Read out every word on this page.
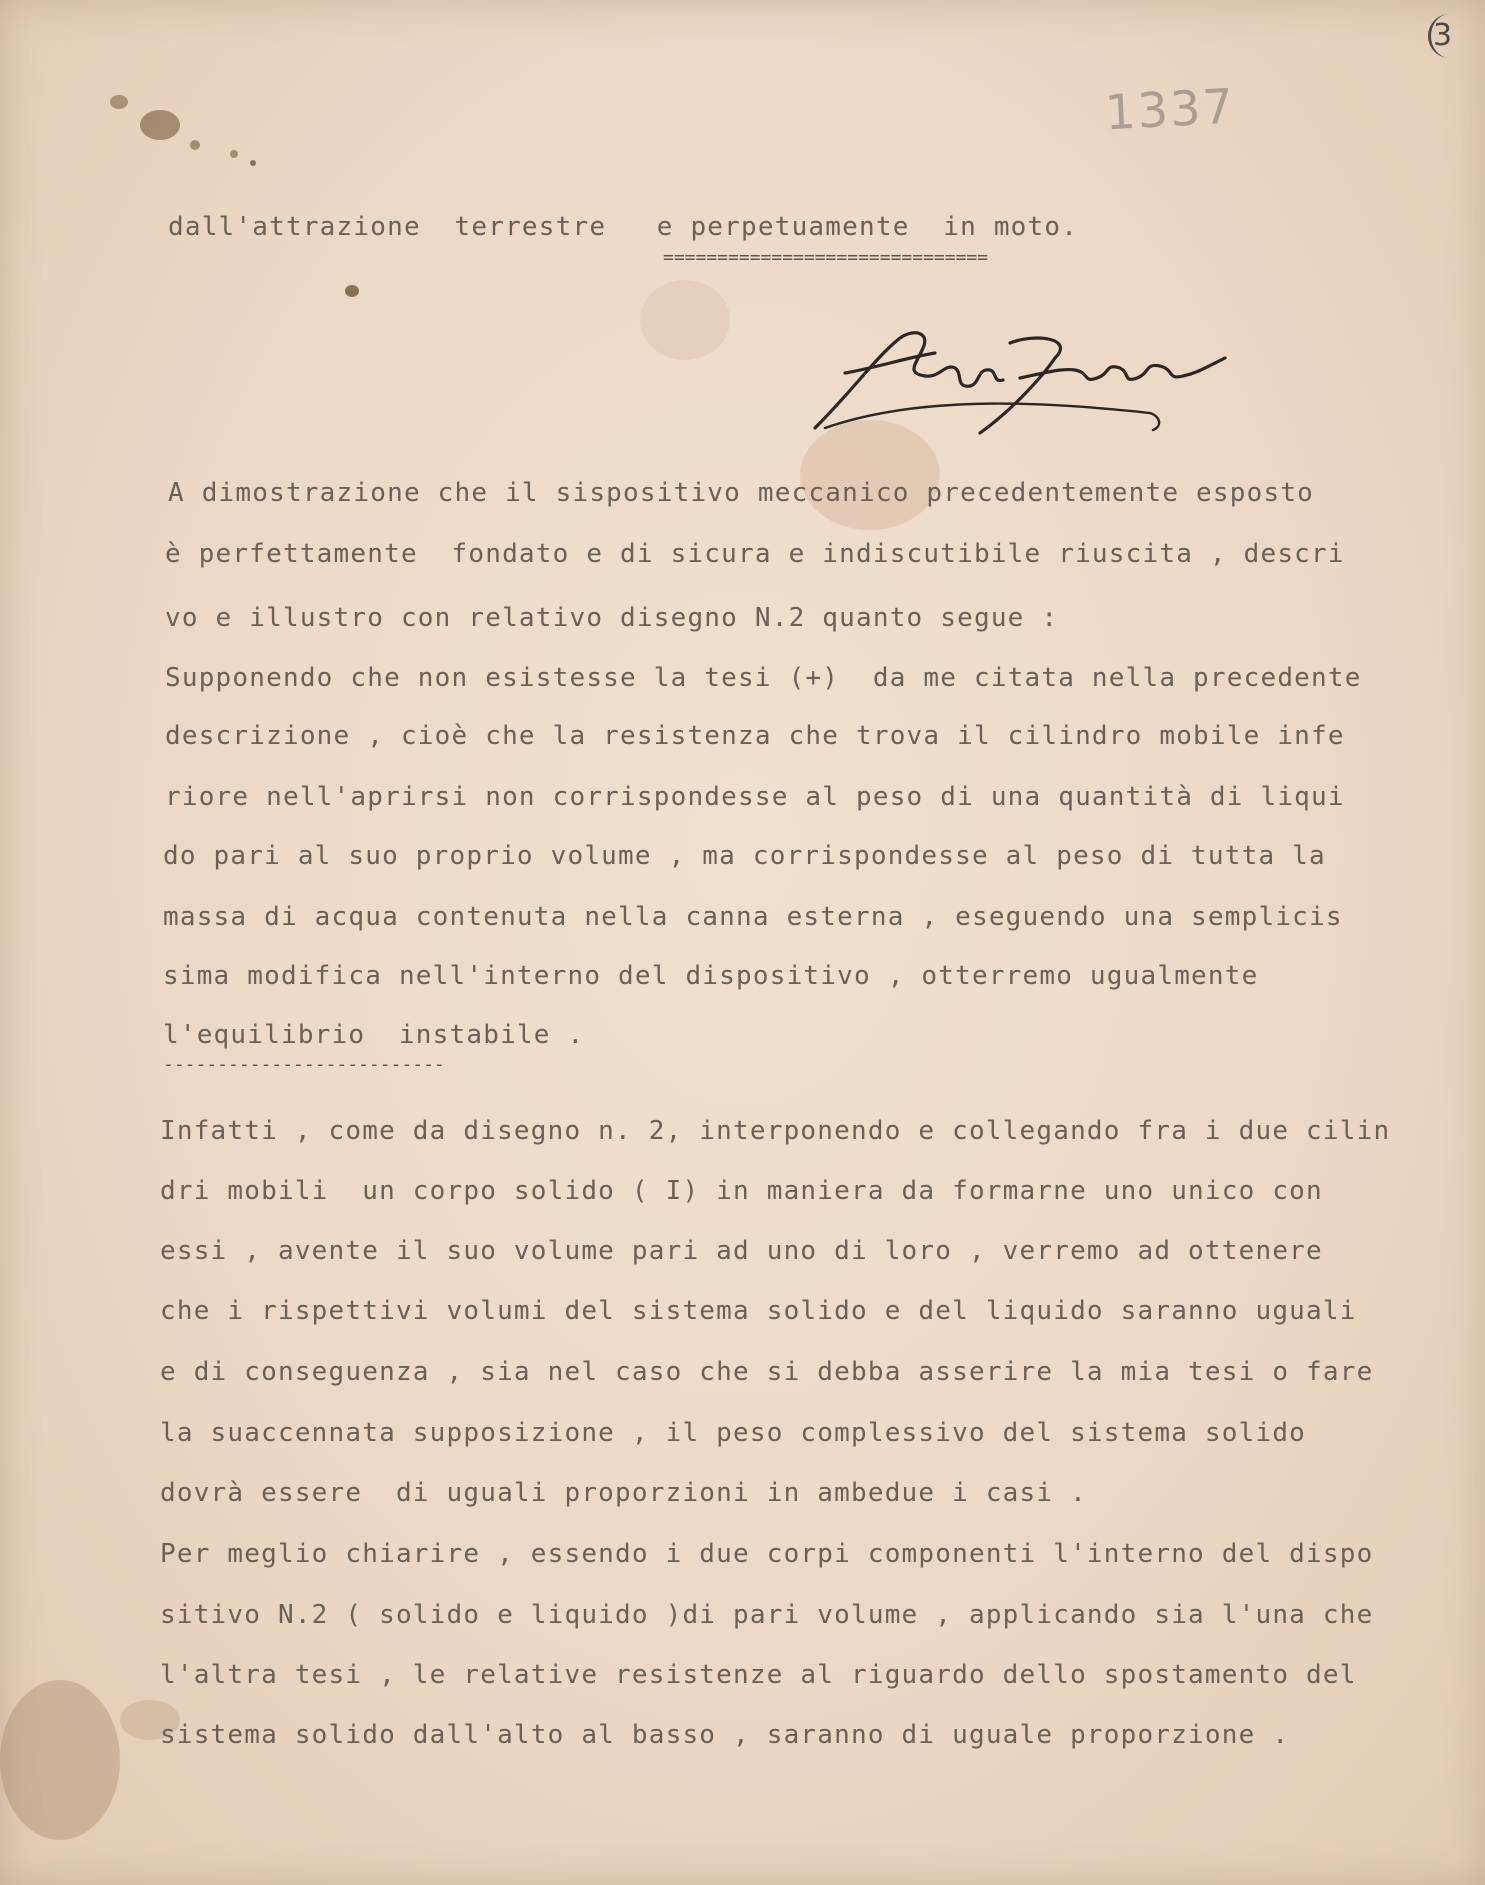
1337
3
dall'attrazione  terrestre   e perpetuamente  in moto.
==============================
A dimostrazione che il sispositivo meccanico precedentemente esposto
è perfettamente  fondato e di sicura e indiscutibile riuscita , descri
vo e illustro con relativo disegno N.2 quanto segue :
Supponendo che non esistesse la tesi (+)  da me citata nella precedente
descrizione , cioè che la resistenza che trova il cilindro mobile infe
riore nell'aprirsi non corrispondesse al peso di una quantità di liqui
do pari al suo proprio volume , ma corrispondesse al peso di tutta la
massa di acqua contenuta nella canna esterna , eseguendo una semplicis
sima modifica nell'interno del dispositivo , otterremo ugualmente
l'equilibrio  instabile .
--------------------------
Infatti , come da disegno n. 2, interponendo e collegando fra i due cilin
dri mobili  un corpo solido ( I) in maniera da formarne uno unico con
essi , avente il suo volume pari ad uno di loro , verremo ad ottenere
che i rispettivi volumi del sistema solido e del liquido saranno uguali
e di conseguenza , sia nel caso che si debba asserire la mia tesi o fare
la suaccennata supposizione , il peso complessivo del sistema solido
dovrà essere  di uguali proporzioni in ambedue i casi .
Per meglio chiarire , essendo i due corpi componenti l'interno del dispo
sitivo N.2 ( solido e liquido )di pari volume , applicando sia l'una che
l'altra tesi , le relative resistenze al riguardo dello spostamento del
sistema solido dall'alto al basso , saranno di uguale proporzione .
